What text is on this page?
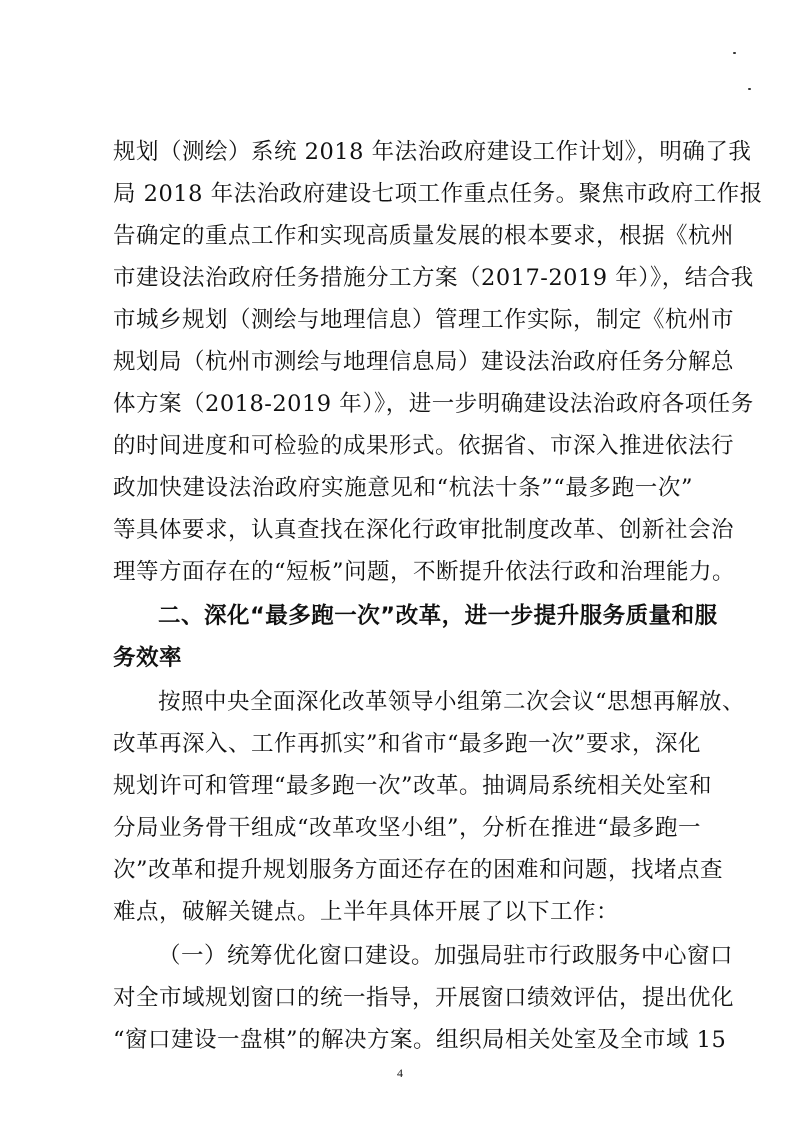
规划（测绘）系统 2018 年法治政府建设工作计划》，明确了我
局 2018 年法治政府建设七项工作重点任务。聚焦市政府工作报
告确定的重点工作和实现高质量发展的根本要求，根据《杭州
市建设法治政府任务措施分工方案（2017-2019 年）》，结合我
市城乡规划（测绘与地理信息）管理工作实际，制定《杭州市
规划局（杭州市测绘与地理信息局）建设法治政府任务分解总
体方案（2018-2019 年）》，进一步明确建设法治政府各项任务
的时间进度和可检验的成果形式。依据省、市深入推进依法行
政加快建设法治政府实施意见和“杭法十条”“最多跑一次”
等具体要求，认真查找在深化行政审批制度改革、创新社会治
理等方面存在的“短板”问题，不断提升依法行政和治理能力。
二、深化“最多跑一次”改革，进一步提升服务质量和服
务效率
按照中央全面深化改革领导小组第二次会议“思想再解放、
改革再深入、工作再抓实”和省市“最多跑一次”要求，深化
规划许可和管理“最多跑一次”改革。抽调局系统相关处室和
分局业务骨干组成“改革攻坚小组”，分析在推进“最多跑一
次”改革和提升规划服务方面还存在的困难和问题，找堵点查
难点，破解关键点。上半年具体开展了以下工作：
（一）统筹优化窗口建设。加强局驻市行政服务中心窗口
对全市域规划窗口的统一指导，开展窗口绩效评估，提出优化
“窗口建设一盘棋”的解决方案。组织局相关处室及全市域 15
4
